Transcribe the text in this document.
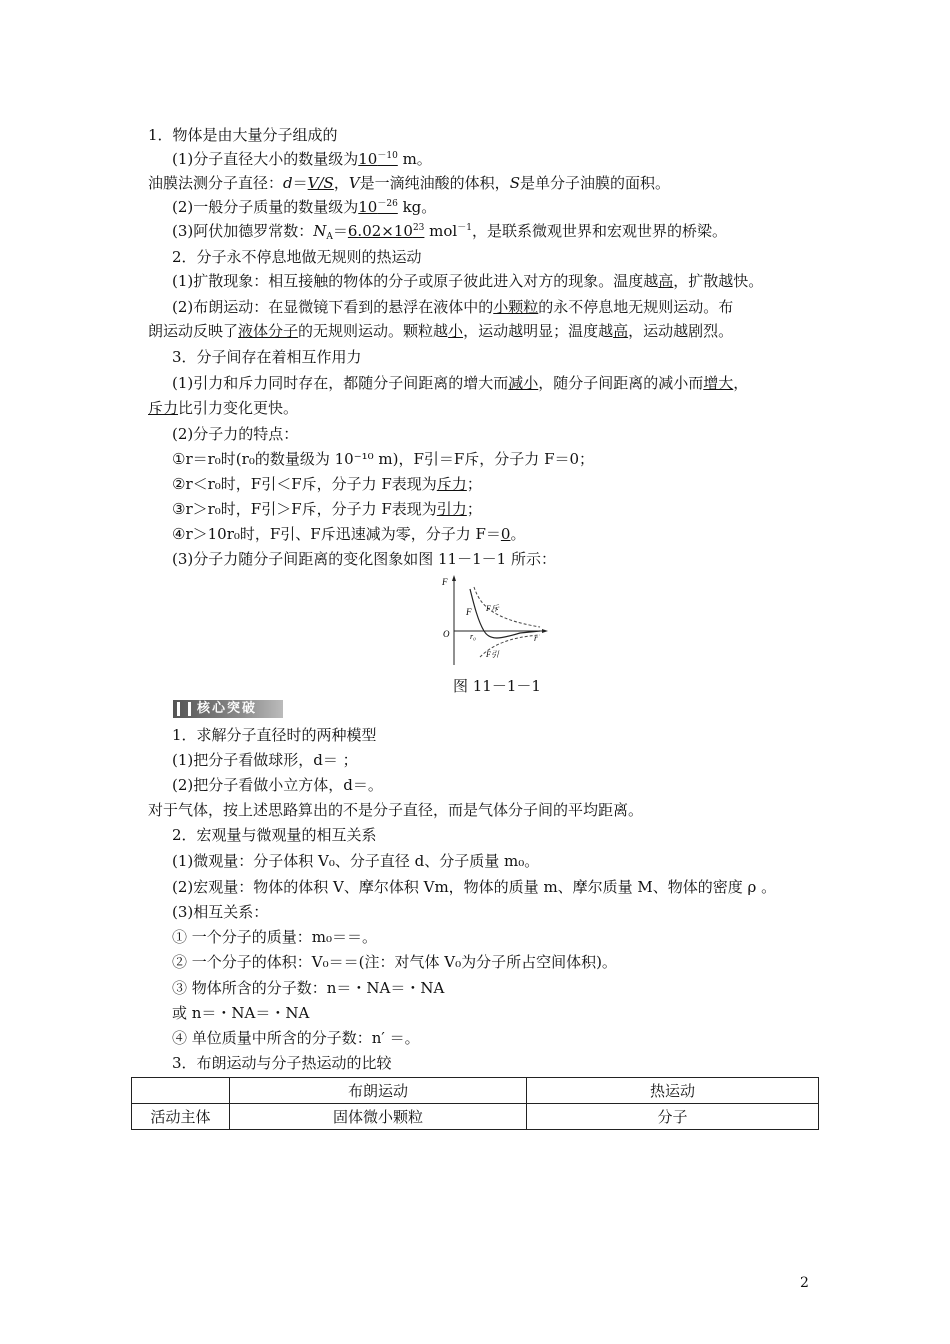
1．物体是由大量分子组成的
(1)分子直径大小的数量级为$10^{-10}$ m。
油膜法测分子直径：d＝V/S，V是一滴纯油酸的体积，S是单分子油膜的面积。
(2)一般分子质量的数量级为$10^{-26}$ kg。
(3)阿伏加德罗常数：$N_A=6.02\times 10^{23}$ mol$^{-1}$，是联系微观世界和宏观世界的桥梁。
2．分子永不停息地做无规则的热运动
(1)扩散现象：相互接触的物体的分子或原子彼此进入对方的现象。温度越高，扩散越快。
(2)布朗运动：在显微镜下看到的悬浮在液体中的小颗粒的永不停息地无规则运动。布
朗运动反映了液体分子的无规则运动。颗粒越小，运动越明显；温度越高，运动越剧烈。
3．分子间存在着相互作用力
(1)引力和斥力同时存在，都随分子间距离的增大而减小，随分子间距离的减小而增大，
斥力比引力变化更快。
(2)分子力的特点：
①r＝r₀时(r₀的数量级为 10⁻¹⁰ m)，F引＝F斥，分子力 F＝0；
②r＜r₀时，F引＜F斥，分子力 F表现为斥力；
③r＞r₀时，F引＞F斥，分子力 F表现为引力；
④r＞10r₀时，F引、F斥迅速减为零，分子力 F＝0。
(3)分子力随分子间距离的变化图象如图 11－1－1 所示：
F
O	r
r₀
F F斥
F引
图 11－1－1
核心突破
1．求解分子直径时的两种模型
(1)把分子看做球形，d＝ ；
(2)把分子看做小立方体，d＝。
对于气体，按上述思路算出的不是分子直径，而是气体分子间的平均距离。
2．宏观量与微观量的相互关系
(1)微观量：分子体积 V₀、分子直径 d、分子质量 m₀。
(2)宏观量：物体的体积 V、摩尔体积 Vm，物体的质量 m、摩尔质量 M、物体的密度 ρ 。
(3)相互关系：
① 一个分子的质量：m₀＝＝。
② 一个分子的体积：V₀＝＝(注：对气体 V₀为分子所占空间体积)。
③ 物体所含的分子数：n＝・NA＝・NA
或 n＝・NA＝・NA
④ 单位质量中所含的分子数：n′ ＝。
3．布朗运动与分子热运动的比较
	布朗运动	热运动
活动主体	固体微小颗粒	分子
2
